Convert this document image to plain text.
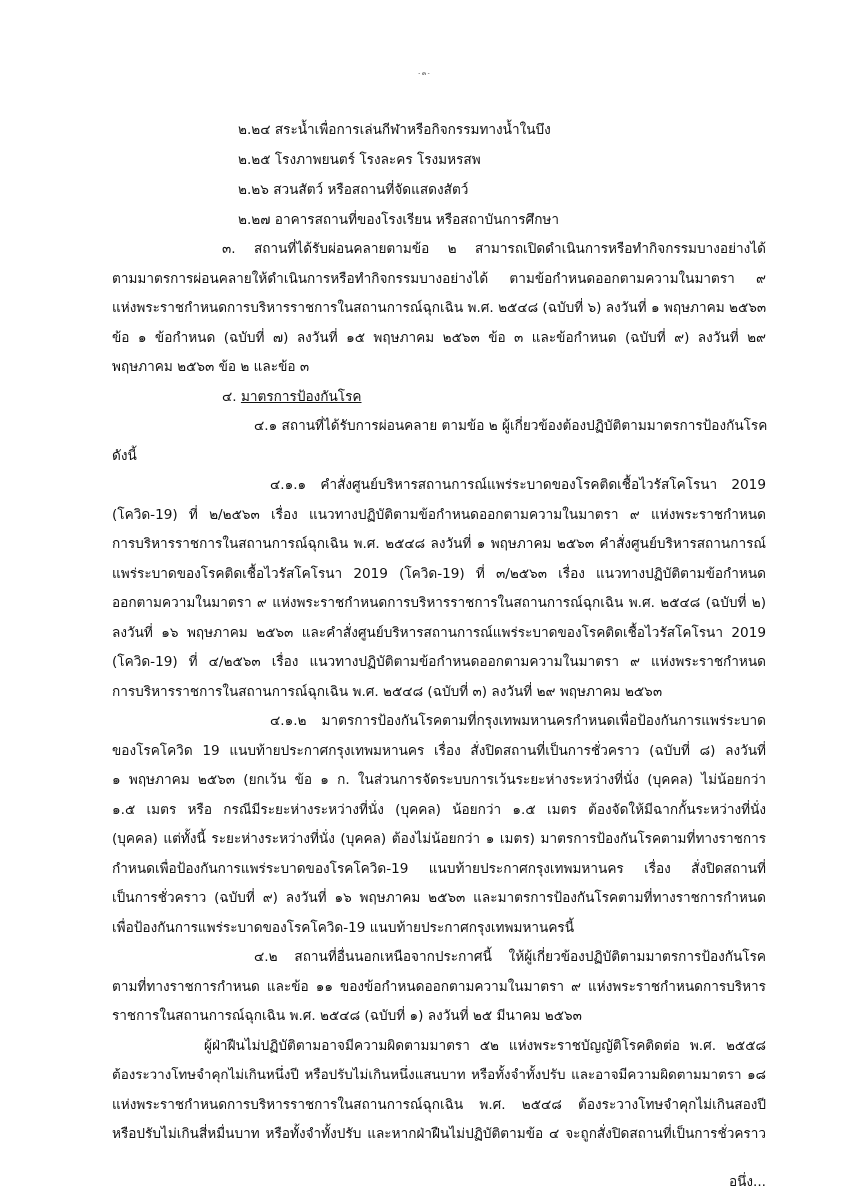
- ๓ -
๒.๒๔ สระน้ำเพื่อการเล่นกีฬาหรือกิจกรรมทางน้ำในบึง
๒.๒๕ โรงภาพยนตร์ โรงละคร โรงมหรสพ
๒.๒๖ สวนสัตว์ หรือสถานที่จัดแสดงสัตว์
๒.๒๗ อาคารสถานที่ของโรงเรียน หรือสถาบันการศึกษา
๓. สถานที่ได้รับผ่อนคลายตามข้อ ๒ สามารถเปิดดำเนินการหรือทำกิจกรรมบางอย่างได้
ตามมาตรการผ่อนคลายให้ดำเนินการหรือทำกิจกรรมบางอย่างได้ ตามข้อกำหนดออกตามความในมาตรา ๙
แห่งพระราชกำหนดการบริหารราชการในสถานการณ์ฉุกเฉิน พ.ศ. ๒๕๔๘ (ฉบับที่ ๖) ลงวันที่ ๑ พฤษภาคม ๒๕๖๓
ข้อ ๑ ข้อกำหนด (ฉบับที่ ๗) ลงวันที่ ๑๕ พฤษภาคม ๒๕๖๓ ข้อ ๓ และข้อกำหนด (ฉบับที่ ๙) ลงวันที่ ๒๙
พฤษภาคม ๒๕๖๓ ข้อ ๒ และข้อ ๓
๔. มาตรการป้องกันโรค
๔.๑ สถานที่ได้รับการผ่อนคลาย ตามข้อ ๒ ผู้เกี่ยวข้องต้องปฏิบัติตามมาตรการป้องกันโรค
ดังนี้
๔.๑.๑ คำสั่งศูนย์บริหารสถานการณ์แพร่ระบาดของโรคติดเชื้อไวรัสโคโรนา 2019
(โควิด-19) ที่ ๒/๒๕๖๓ เรื่อง แนวทางปฏิบัติตามข้อกำหนดออกตามความในมาตรา ๙ แห่งพระราชกำหนด
การบริหารราชการในสถานการณ์ฉุกเฉิน พ.ศ. ๒๕๔๘ ลงวันที่ ๑ พฤษภาคม ๒๕๖๓ คำสั่งศูนย์บริหารสถานการณ์
แพร่ระบาดของโรคติดเชื้อไวรัสโคโรนา 2019 (โควิด-19) ที่ ๓/๒๕๖๓ เรื่อง แนวทางปฏิบัติตามข้อกำหนด
ออกตามความในมาตรา ๙ แห่งพระราชกำหนดการบริหารราชการในสถานการณ์ฉุกเฉิน พ.ศ. ๒๕๔๘ (ฉบับที่ ๒)
ลงวันที่ ๑๖ พฤษภาคม ๒๕๖๓ และคำสั่งศูนย์บริหารสถานการณ์แพร่ระบาดของโรคติดเชื้อไวรัสโคโรนา 2019
(โควิด-19) ที่ ๔/๒๕๖๓ เรื่อง แนวทางปฏิบัติตามข้อกำหนดออกตามความในมาตรา ๙ แห่งพระราชกำหนด
การบริหารราชการในสถานการณ์ฉุกเฉิน พ.ศ. ๒๕๔๘ (ฉบับที่ ๓) ลงวันที่ ๒๙ พฤษภาคม ๒๕๖๓
๔.๑.๒ มาตรการป้องกันโรคตามที่กรุงเทพมหานครกำหนดเพื่อป้องกันการแพร่ระบาด
ของโรคโควิด 19 แนบท้ายประกาศกรุงเทพมหานคร เรื่อง สั่งปิดสถานที่เป็นการชั่วคราว (ฉบับที่ ๘) ลงวันที่
๑ พฤษภาคม ๒๕๖๓ (ยกเว้น ข้อ ๑ ก. ในส่วนการจัดระบบการเว้นระยะห่างระหว่างที่นั่ง (บุคคล) ไม่น้อยกว่า
๑.๕ เมตร หรือ กรณีมีระยะห่างระหว่างที่นั่ง (บุคคล) น้อยกว่า ๑.๕ เมตร ต้องจัดให้มีฉากกั้นระหว่างที่นั่ง
(บุคคล) แต่ทั้งนี้ ระยะห่างระหว่างที่นั่ง (บุคคล) ต้องไม่น้อยกว่า ๑ เมตร) มาตรการป้องกันโรคตามที่ทางราชการ
กำหนดเพื่อป้องกันการแพร่ระบาดของโรคโควิด-19 แนบท้ายประกาศกรุงเทพมหานคร เรื่อง สั่งปิดสถานที่
เป็นการชั่วคราว (ฉบับที่ ๙) ลงวันที่ ๑๖ พฤษภาคม ๒๕๖๓ และมาตรการป้องกันโรคตามที่ทางราชการกำหนด
เพื่อป้องกันการแพร่ระบาดของโรคโควิด-19 แนบท้ายประกาศกรุงเทพมหานครนี้
๔.๒ สถานที่อื่นนอกเหนือจากประกาศนี้ ให้ผู้เกี่ยวข้องปฏิบัติตามมาตรการป้องกันโรค
ตามที่ทางราชการกำหนด และข้อ ๑๑ ของข้อกำหนดออกตามความในมาตรา ๙ แห่งพระราชกำหนดการบริหาร
ราชการในสถานการณ์ฉุกเฉิน พ.ศ. ๒๕๔๘ (ฉบับที่ ๑) ลงวันที่ ๒๕ มีนาคม ๒๕๖๓
ผู้ฝ่าฝืนไม่ปฏิบัติตามอาจมีความผิดตามมาตรา ๕๒ แห่งพระราชบัญญัติโรคติดต่อ พ.ศ. ๒๕๕๘
ต้องระวางโทษจำคุกไม่เกินหนึ่งปี หรือปรับไม่เกินหนึ่งแสนบาท หรือทั้งจำทั้งปรับ และอาจมีความผิดตามมาตรา ๑๘
แห่งพระราชกำหนดการบริหารราชการในสถานการณ์ฉุกเฉิน พ.ศ. ๒๕๔๘ ต้องระวางโทษจำคุกไม่เกินสองปี
หรือปรับไม่เกินสี่หมื่นบาท หรือทั้งจำทั้งปรับ และหากฝ่าฝืนไม่ปฏิบัติตามข้อ ๔ จะถูกสั่งปิดสถานที่เป็นการชั่วคราว
อนึ่ง...
